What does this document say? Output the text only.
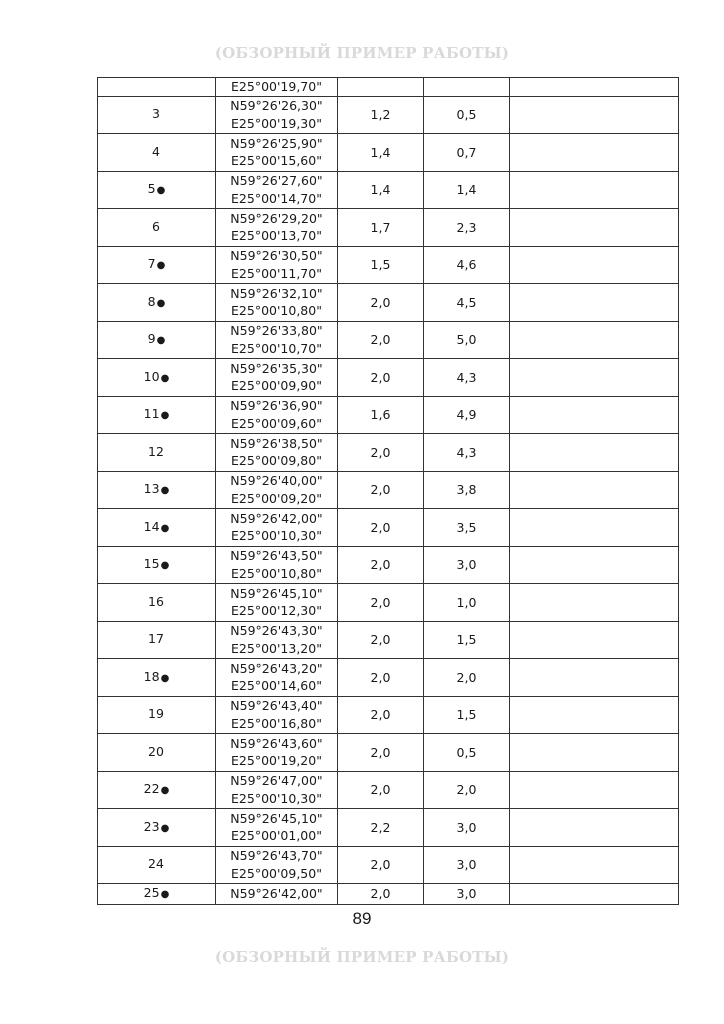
(ОБЗОРНЫЙ ПРИМЕР РАБОТЫ)
	E25°00'19,70"			
3	N59°26'26,30"
E25°00'19,30"	1,2	0,5	
4	N59°26'25,90"
E25°00'15,60"	1,4	0,7	
5●	N59°26'27,60"
E25°00'14,70"	1,4	1,4	
6	N59°26'29,20"
E25°00'13,70"	1,7	2,3	
7●	N59°26'30,50"
E25°00'11,70"	1,5	4,6	
8●	N59°26'32,10"
E25°00'10,80"	2,0	4,5	
9●	N59°26'33,80"
E25°00'10,70"	2,0	5,0	
10●	N59°26'35,30"
E25°00'09,90"	2,0	4,3	
11●	N59°26'36,90"
E25°00'09,60"	1,6	4,9	
12	N59°26'38,50"
E25°00'09,80"	2,0	4,3	
13●	N59°26'40,00"
E25°00'09,20"	2,0	3,8	
14●	N59°26'42,00"
E25°00'10,30"	2,0	3,5	
15●	N59°26'43,50"
E25°00'10,80"	2,0	3,0	
16	N59°26'45,10"
E25°00'12,30"	2,0	1,0	
17	N59°26'43,30"
E25°00'13,20"	2,0	1,5	
18●	N59°26'43,20"
E25°00'14,60"	2,0	2,0	
19	N59°26'43,40"
E25°00'16,80"	2,0	1,5	
20	N59°26'43,60"
E25°00'19,20"	2,0	0,5	
22●	N59°26'47,00"
E25°00'10,30"	2,0	2,0	
23●	N59°26'45,10"
E25°00'01,00"	2,2	3,0	
24	N59°26'43,70"
E25°00'09,50"	2,0	3,0	
25●	N59°26'42,00"	2,0	3,0	
89
(ОБЗОРНЫЙ ПРИМЕР РАБОТЫ)
